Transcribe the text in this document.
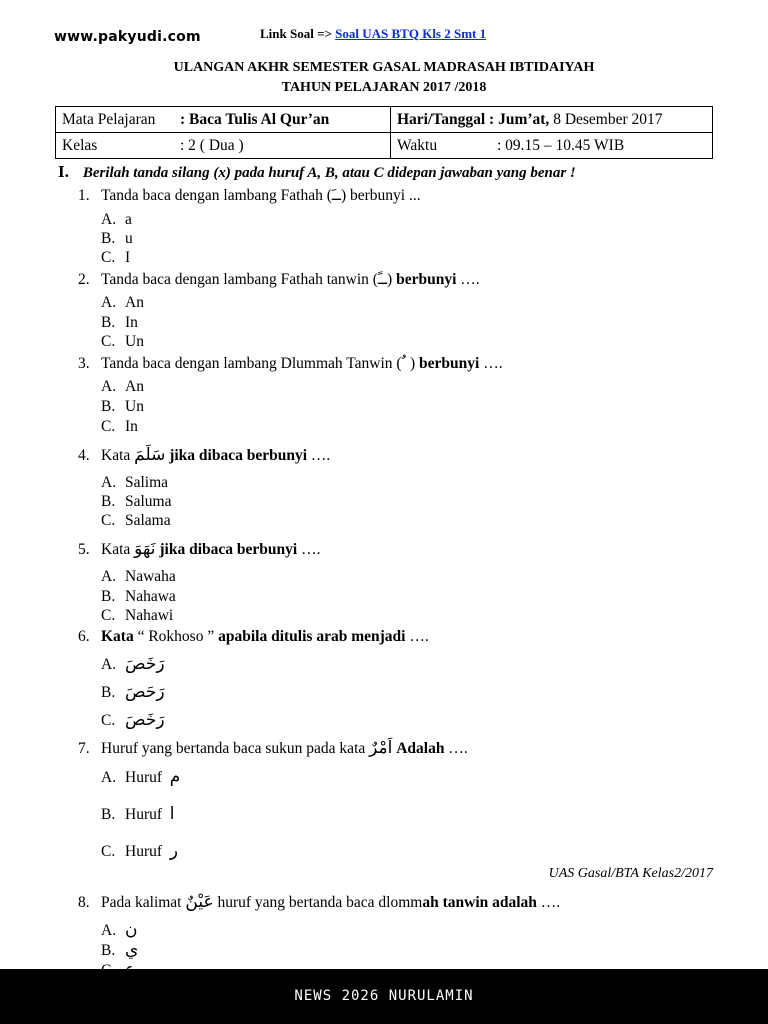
www.pakyudi.com	Link Soal => Soal UAS BTQ Kls 2 Smt 1
ULANGAN AKHR SEMESTER GASAL MADRASAH IBTIDAIYAH
TAHUN PELAJARAN 2017 /2018
Mata Pelajaran : Baca Tulis Al Qur’an	Hari/Tanggal : Jum’at, 8 Desember 2017
Kelas : 2 ( Dua )	Waktu : 09.15 – 10.45 WIB
I. Berilah tanda silang (x) pada huruf A, B, atau C didepan jawaban yang benar !
1. Tanda baca dengan lambang Fathah (ــَ) berbunyi ...
A. a
B. u
C. I
2. Tanda baca dengan lambang Fathah tanwin (ــً) berbunyi ….
A. An
B. In
C. Un
3. Tanda baca dengan lambang Dlummah Tanwin ( ٌ ) berbunyi ….
A. An
B. Un
C. In
4. Kata سَلَمَ jika dibaca berbunyi ….
A. Salima
B. Saluma
C. Salama
5. Kata نَهَوَ jika dibaca berbunyi ….
A. Nawaha
B. Nahawa
C. Nahawi
6. Kata “ Rokhoso ” apabila ditulis arab menjadi ….
A. رَخَصَ
B. رَحَصَ
C. رَخَصَ
7. Huruf yang bertanda baca sukun pada kata اَمْرٌ Adalah ….
A. Huruf م
B. Huruf ا
C. Huruf ر
UAS Gasal/BTA Kelas2/2017
8. Pada kalimat عَيْنٌ huruf yang bertanda baca dlommah tanwin adalah ….
A. ن
B. ي
NEWS 2026 NURULAMIN
